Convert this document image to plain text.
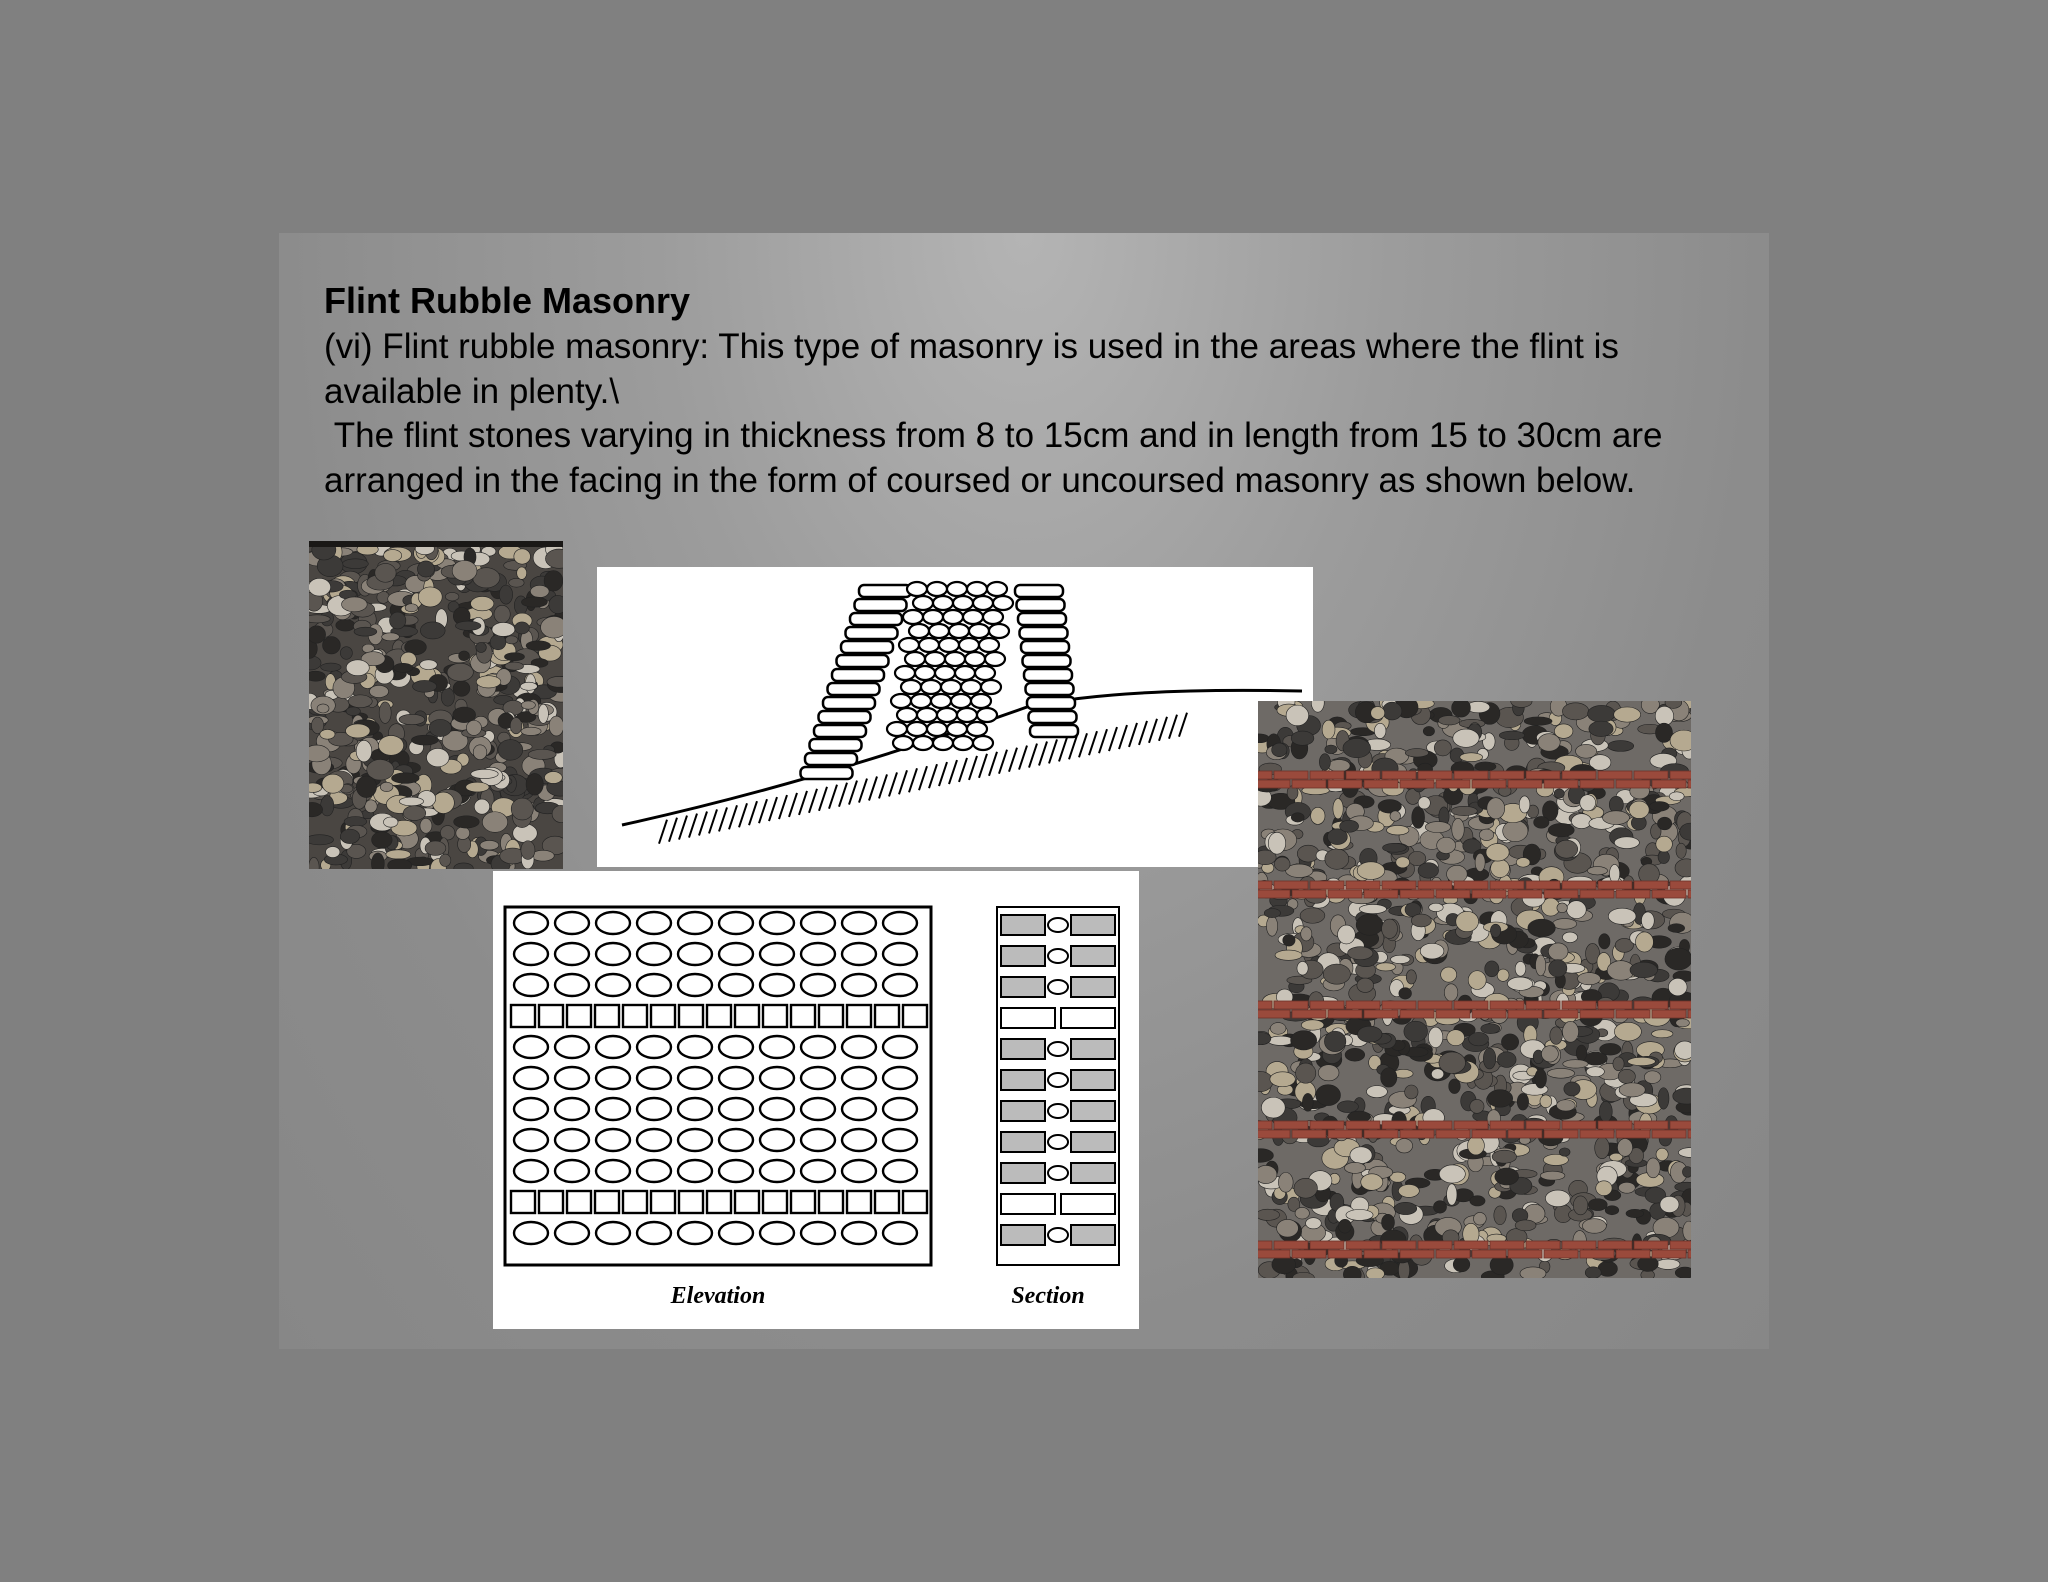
Flint Rubble Masonry

(vi) Flint rubble masonry: This type of masonry is used in the areas where the flint is available in plenty.\

The flint stones varying in thickness from 8 to 15cm and in length from 15 to 30cm are arranged in the facing in the form of coursed or uncoursed masonry as shown below.

Elevation	Section
